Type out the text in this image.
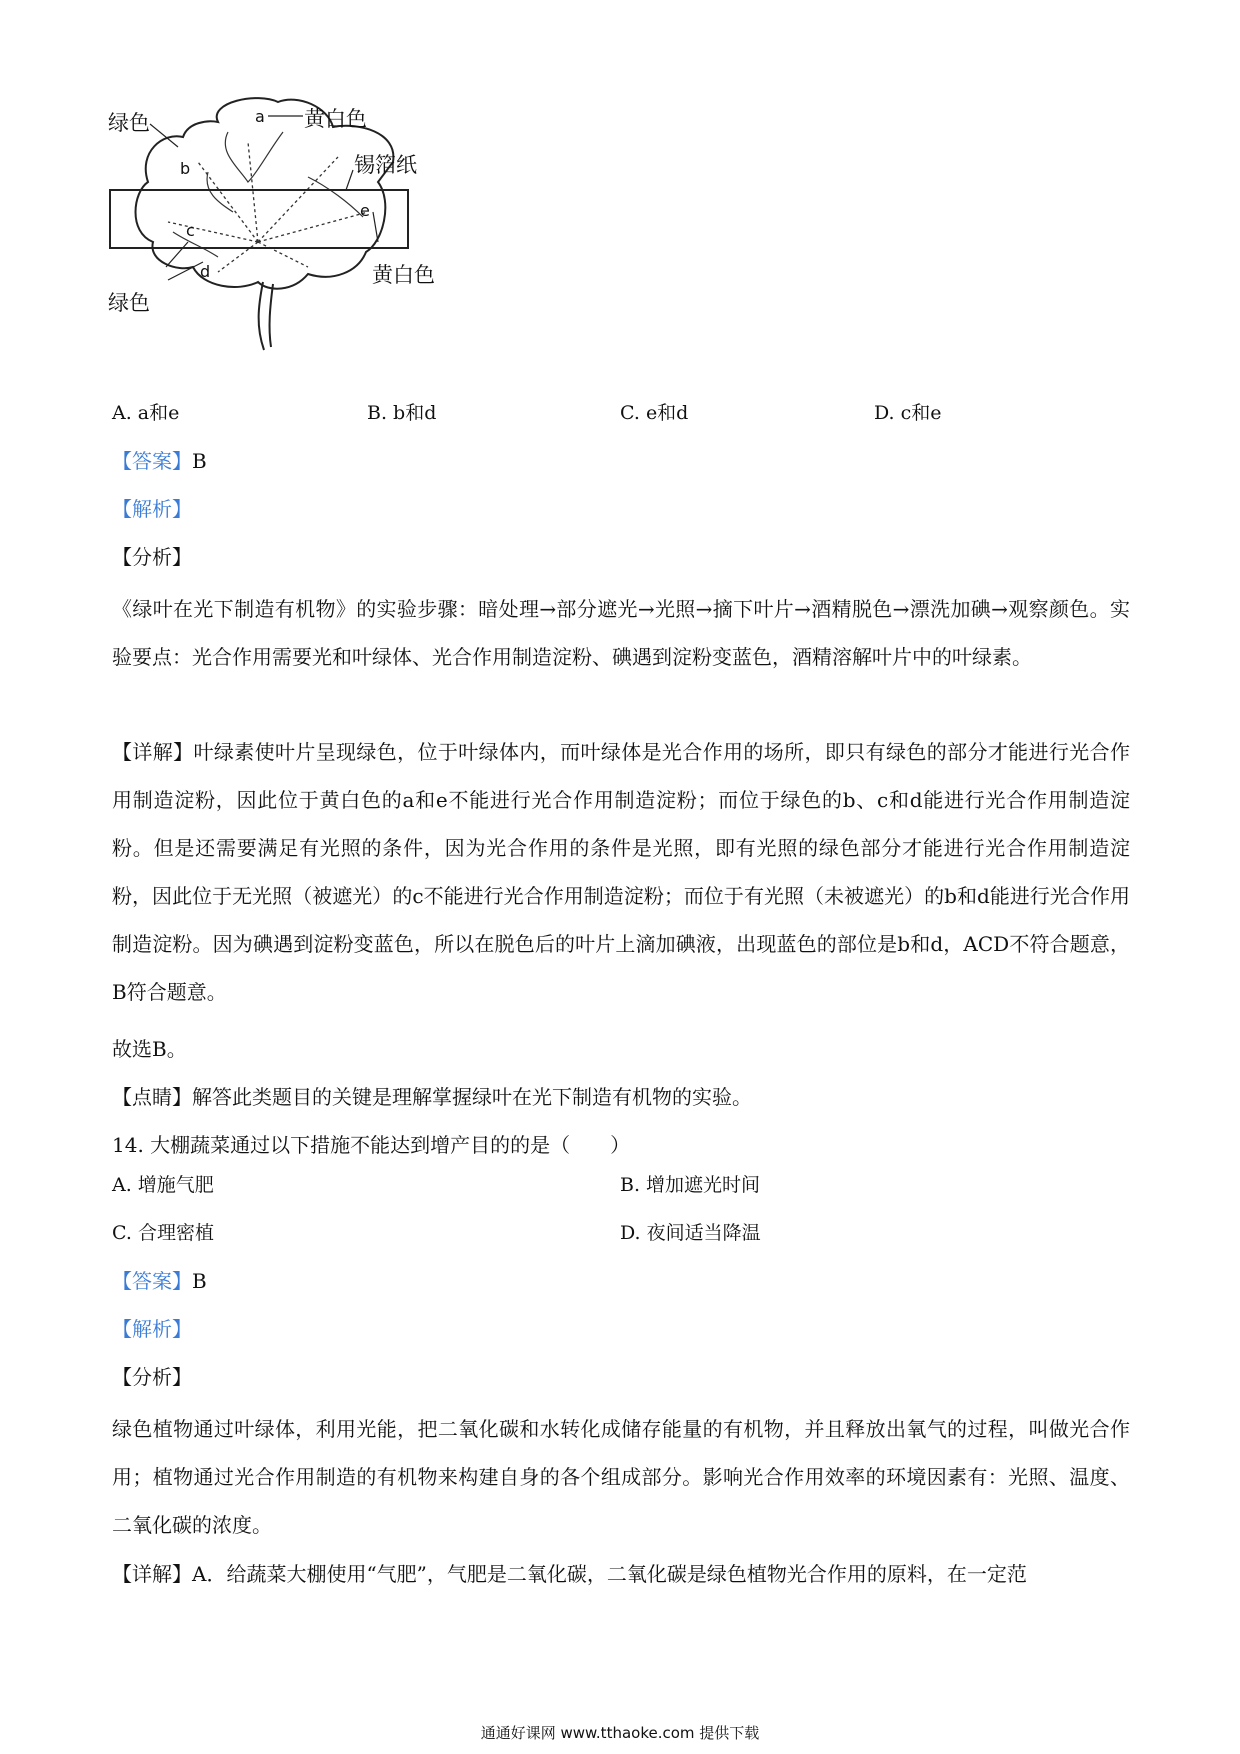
绿色	a 黄白色
b	锡箔纸
e
c
d	黄白色
绿色
A. a和e	B. b和d	C. e和d	D. c和e
【答案】B
【解析】
【分析】
《绿叶在光下制造有机物》的实验步骤：暗处理→部分遮光→光照→摘下叶片→酒精脱色→漂洗加碘→观察颜色。实验要点：光合作用需要光和叶绿体、光合作用制造淀粉、碘遇到淀粉变蓝色，酒精溶解叶片中的叶绿素。
【详解】叶绿素使叶片呈现绿色，位于叶绿体内，而叶绿体是光合作用的场所，即只有绿色的部分才能进行光合作用制造淀粉，因此位于黄白色的a和e不能进行光合作用制造淀粉；而位于绿色的b、c和d能进行光合作用制造淀粉。但是还需要满足有光照的条件，因为光合作用的条件是光照，即有光照的绿色部分才能进行光合作用制造淀粉，因此位于无光照（被遮光）的c不能进行光合作用制造淀粉；而位于有光照（未被遮光）的b和d能进行光合作用制造淀粉。因为碘遇到淀粉变蓝色，所以在脱色后的叶片上滴加碘液，出现蓝色的部位是b和d，ACD不符合题意，B符合题意。
故选B。
【点睛】解答此类题目的关键是理解掌握绿叶在光下制造有机物的实验。
14. 大棚蔬菜通过以下措施不能达到增产目的的是（　　）
A. 增施气肥	B. 增加遮光时间
C. 合理密植	D. 夜间适当降温
【答案】B
【解析】
【分析】
绿色植物通过叶绿体，利用光能，把二氧化碳和水转化成储存能量的有机物，并且释放出氧气的过程，叫做光合作用；植物通过光合作用制造的有机物来构建自身的各个组成部分。影响光合作用效率的环境因素有：光照、温度、二氧化碳的浓度。
【详解】A．给蔬菜大棚使用“气肥”，气肥是二氧化碳，二氧化碳是绿色植物光合作用的原料，在一定范
通通好课网 www.tthaoke.com 提供下载
